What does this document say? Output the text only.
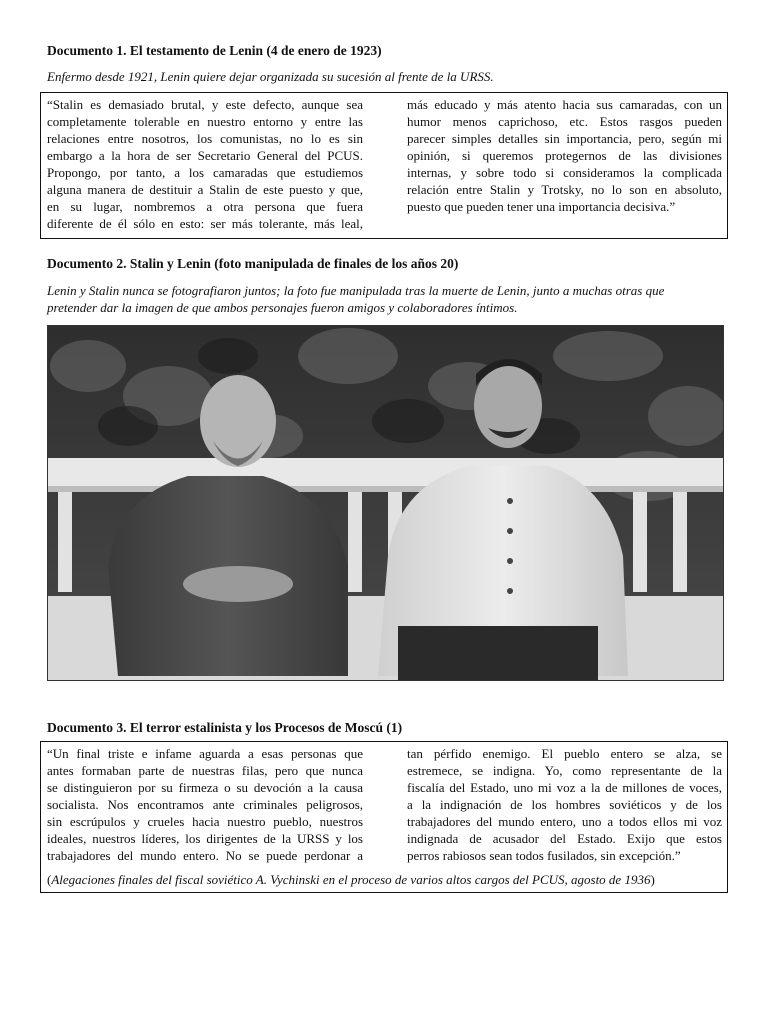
Documento 1. El testamento de Lenin (4 de enero de 1923)
Enfermo desde 1921, Lenin quiere dejar organizada su sucesión al frente de la URSS.
“Stalin es demasiado brutal, y este defecto, aunque sea
completamente tolerable en nuestro entorno y entre las
relaciones entre nosotros, los comunistas, no lo es sin
embargo a la hora de ser Secretario General del PCUS.
Propongo, por tanto, a los camaradas que estudiemos
alguna manera de destituir a Stalin de este puesto y que,
en su lugar, nombremos a otra persona que fuera
diferente de él sólo en esto: ser más tolerante, más leal,
más educado y más atento hacia sus camaradas, con un
humor menos caprichoso, etc. Estos rasgos pueden
parecer simples detalles sin importancia, pero, según mi
opinión, si queremos protegernos de las divisiones
internas, y sobre todo si consideramos la complicada
relación entre Stalin y Trotsky, no lo son en absoluto,
puesto que pueden tener una importancia decisiva.”
Documento 2. Stalin y Lenin (foto manipulada de finales de los años 20)
Lenin y Stalin nunca se fotografiaron juntos; la foto fue manipulada tras la muerte de Lenin, junto a muchas otras que
pretender dar la imagen de que ambos personajes fueron amigos y colaboradores íntimos.
Documento 3. El terror estalinista y los Procesos de Moscú (1)
“Un final triste e infame aguarda a esas personas que
antes formaban parte de nuestras filas, pero que nunca
se distinguieron por su firmeza o su devoción a la causa
socialista. Nos encontramos ante criminales peligrosos,
sin escrúpulos y crueles hacia nuestro pueblo, nuestros
ideales, nuestros líderes, los dirigentes de la URSS y los
trabajadores del mundo entero. No se puede perdonar a
tan pérfido enemigo. El pueblo entero se alza, se
estremece, se indigna. Yo, como representante de la
fiscalía del Estado, uno mi voz a la de millones de voces,
a la indignación de los hombres soviéticos y de los
trabajadores del mundo entero, uno a todos ellos mi voz
indignada de acusador del Estado. Exijo que estos
perros rabiosos sean todos fusilados, sin excepción.”
(Alegaciones finales del fiscal soviético A. Vychinski en el proceso de varios altos cargos del PCUS, agosto de 1936)
